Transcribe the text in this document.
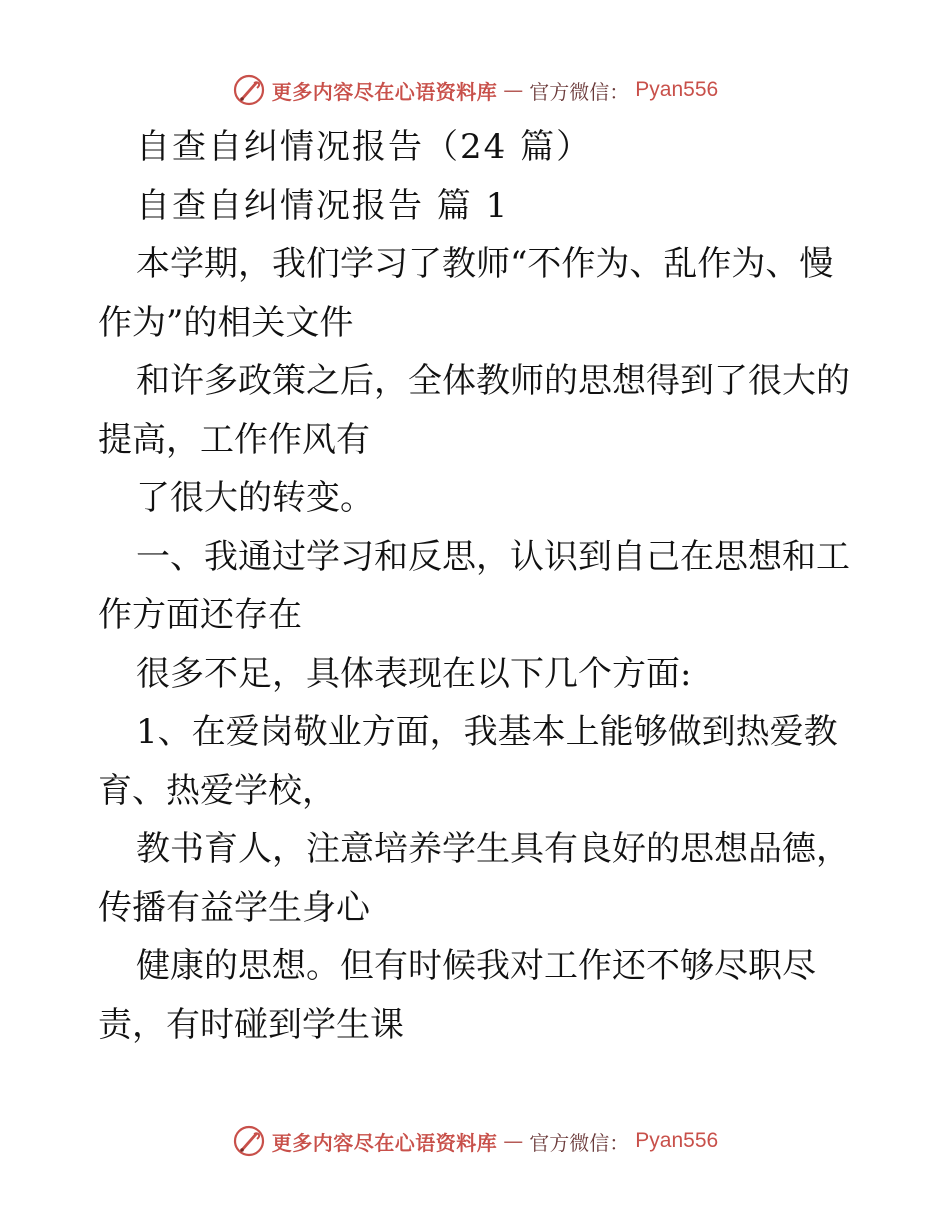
更多内容尽在心语资料库 — 官方微信： Pyan556
自查自纠情况报告（24 篇）
自查自纠情况报告 篇 1
本学期，我们学习了教师“不作为、乱作为、慢
作为”的相关文件
和许多政策之后，全体教师的思想得到了很大的
提高，工作作风有
了很大的转变。
一、我通过学习和反思，认识到自己在思想和工
作方面还存在
很多不足，具体表现在以下几个方面:
1、在爱岗敬业方面，我基本上能够做到热爱教
育、热爱学校，
教书育人，注意培养学生具有良好的思想品德，
传播有益学生身心
健康的思想。但有时候我对工作还不够尽职尽
责，有时碰到学生课
更多内容尽在心语资料库 — 官方微信： Pyan556
